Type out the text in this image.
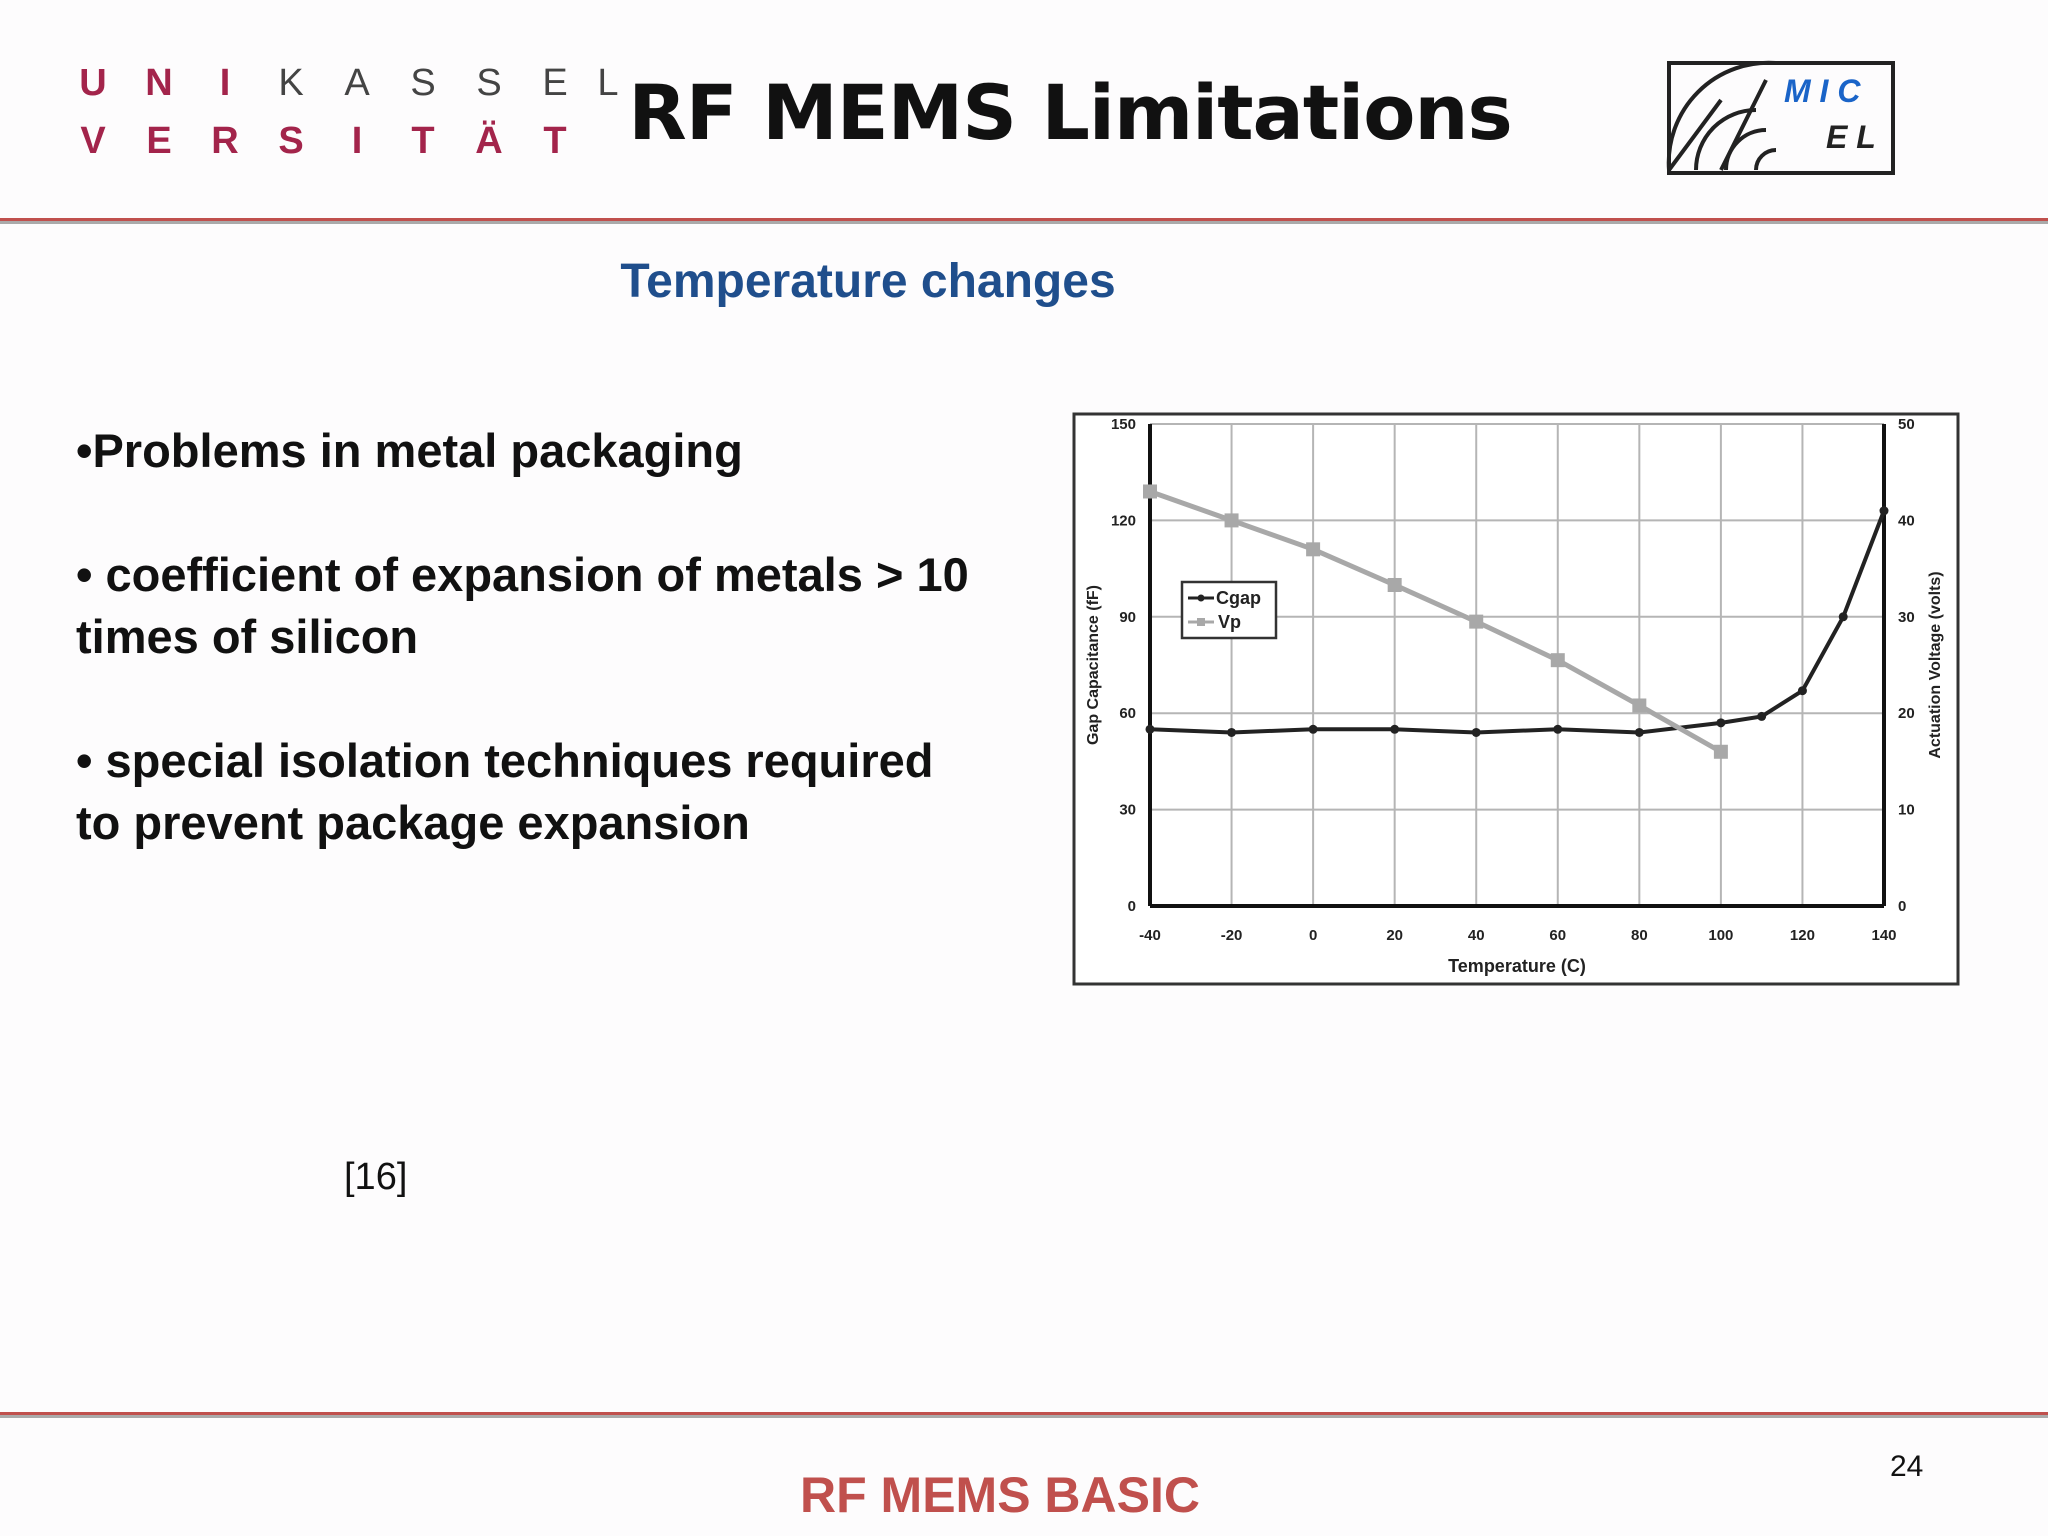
U	N	I	K	A	S	S	E L
V	E	R	S	I	T	Ä	T RF MEMS Limitations	M I C
E L
Temperature changes
•Problems in metal packaging
• coefficient of expansion of metals > 10 times of silicon
• special isolation techniques required to prevent package expansion
-40	-20	0	20	40	60	80	100	120	140
0
30
60
90
120
150
0
10
20
30
40
50
Temperature (C)
Gap Capacitance (fF)	Actuation Voltage (volts)
Cgap
Vp
[16]
24
RF MEMS BASIC
